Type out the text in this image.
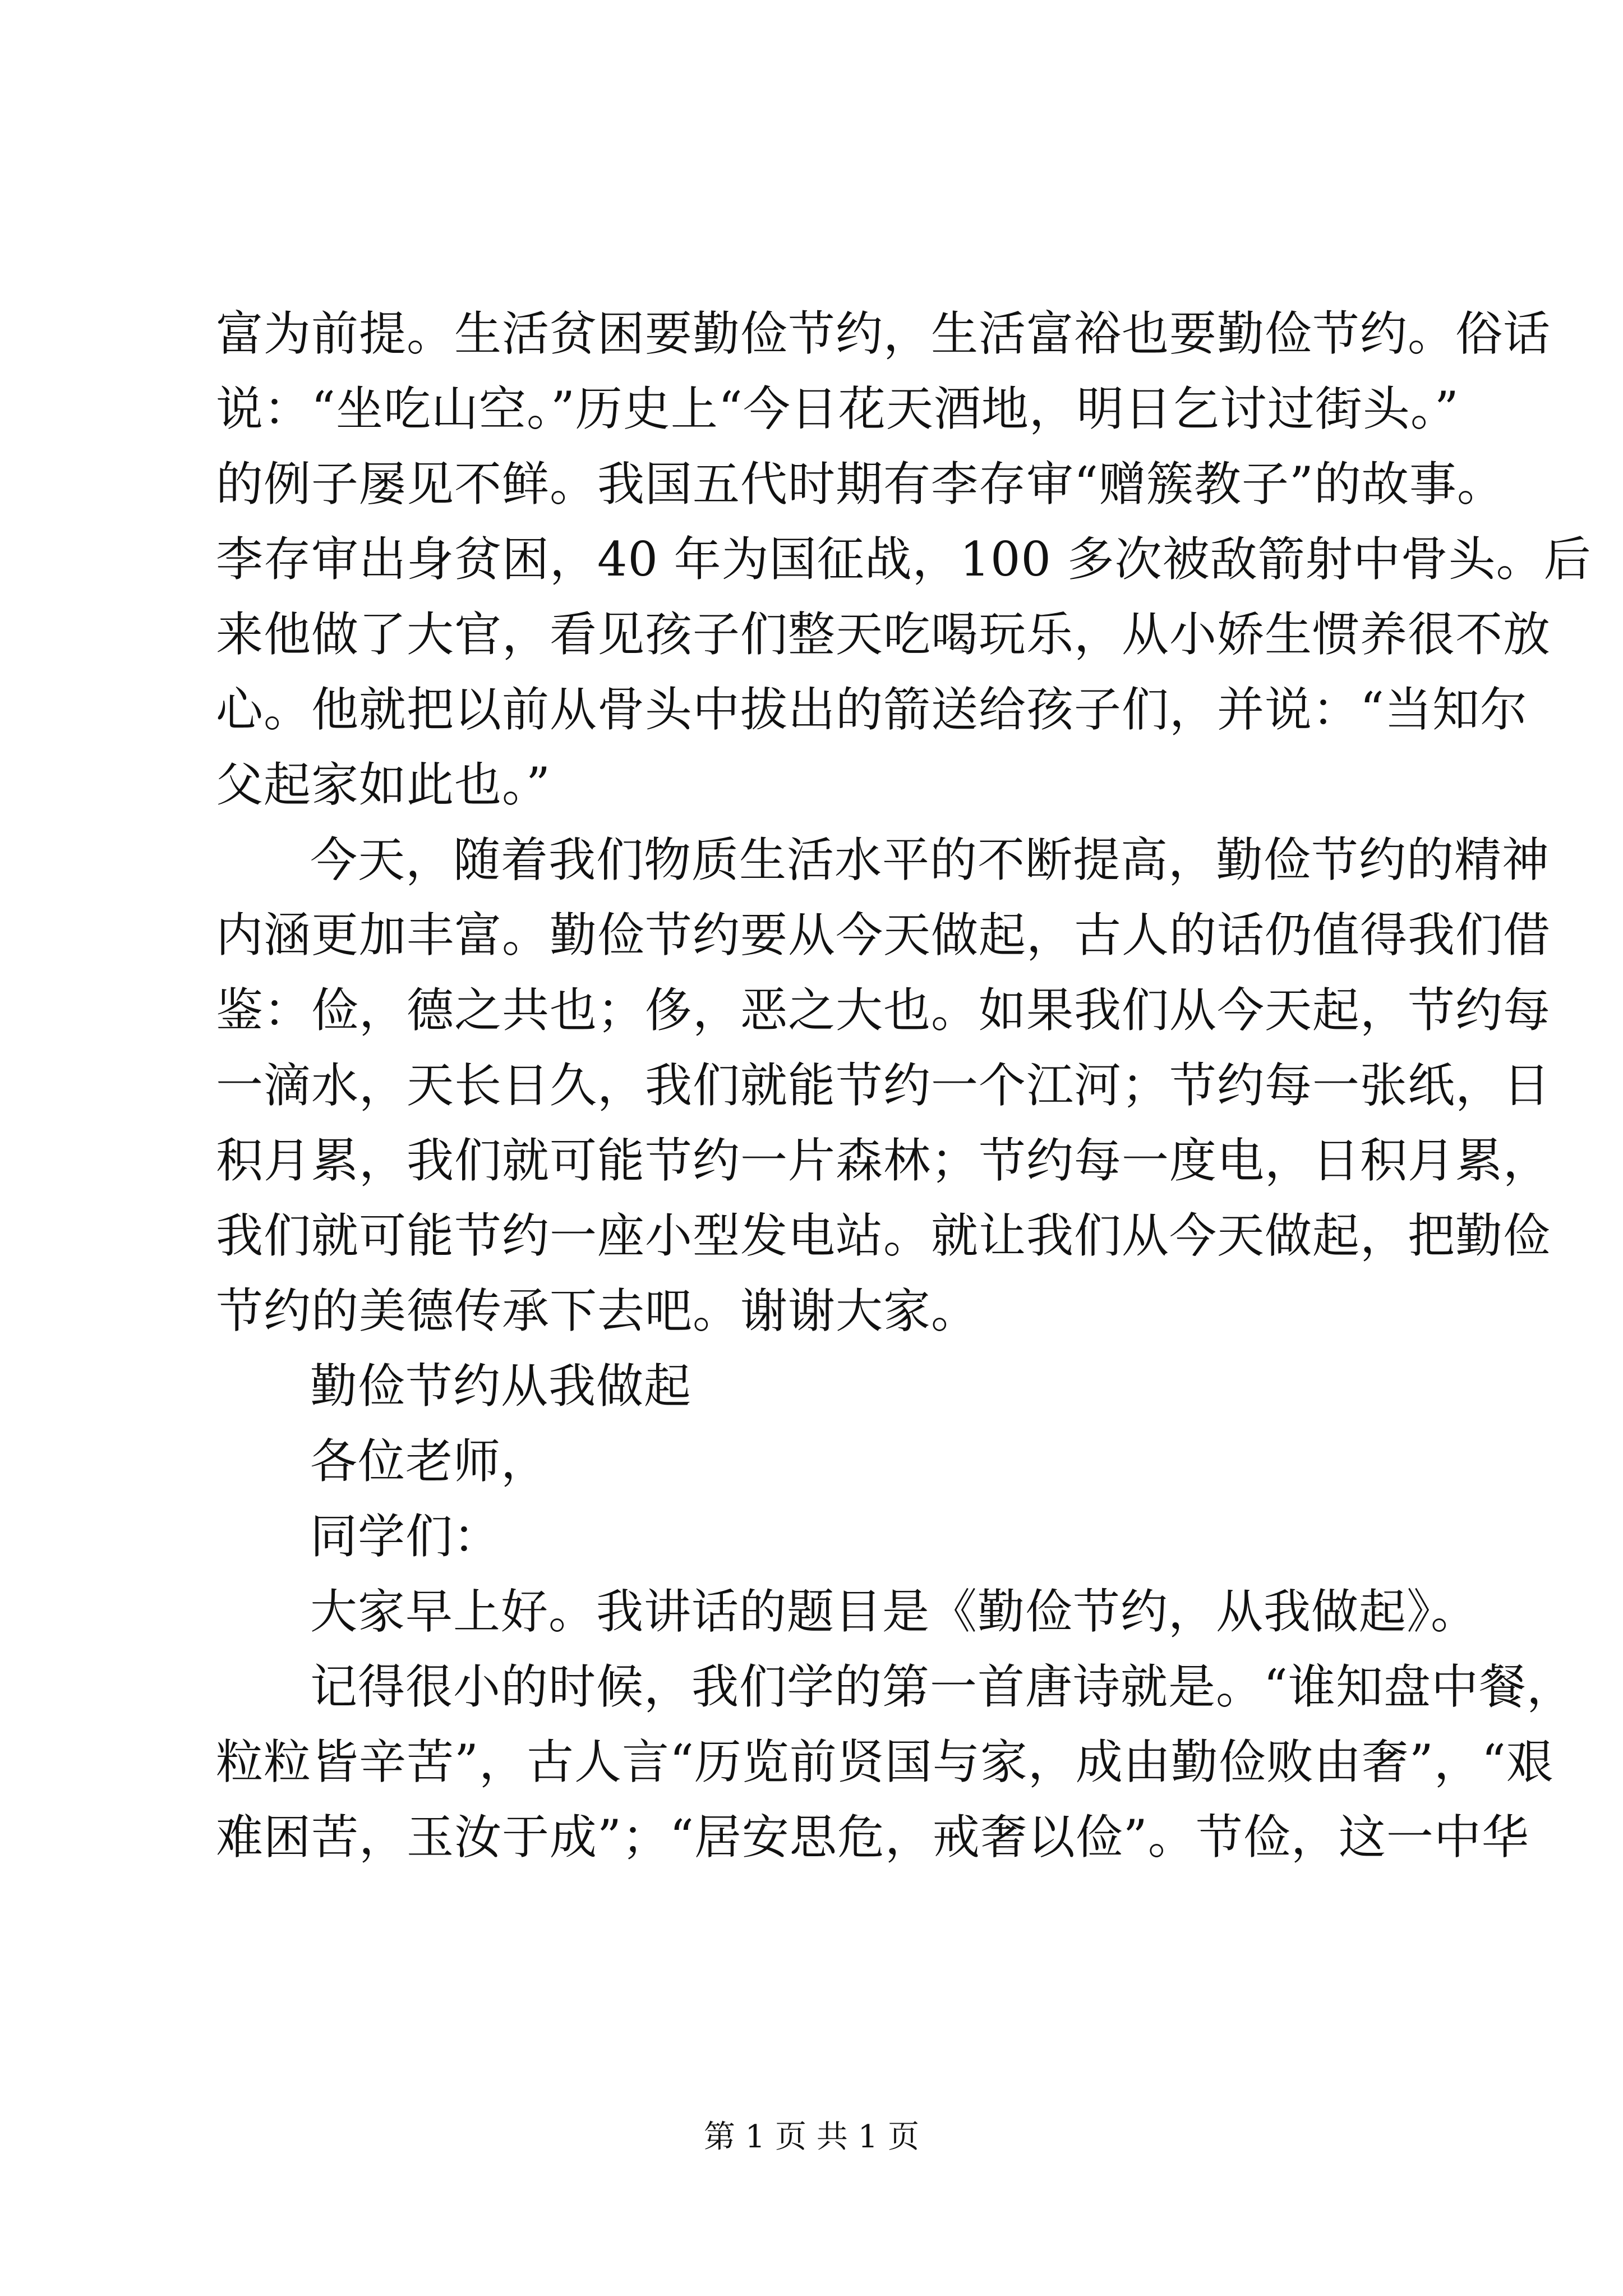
富为前提。生活贫困要勤俭节约，生活富裕也要勤俭节约。俗话
说：“坐吃山空。”历史上“今日花天酒地，明日乞讨过街头。”
的例子屡见不鲜。我国五代时期有李存审“赠簇教子”的故事。
李存审出身贫困，40 年为国征战，100 多次被敌箭射中骨头。后
来他做了大官，看见孩子们整天吃喝玩乐，从小娇生惯养很不放
心。他就把以前从骨头中拔出的箭送给孩子们，并说：“当知尔
父起家如此也。”
今天，随着我们物质生活水平的不断提高，勤俭节约的精神
内涵更加丰富。勤俭节约要从今天做起，古人的话仍值得我们借
鉴：俭，德之共也；侈，恶之大也。如果我们从今天起，节约每
一滴水，天长日久，我们就能节约一个江河；节约每一张纸，日
积月累，我们就可能节约一片森林；节约每一度电，日积月累，
我们就可能节约一座小型发电站。就让我们从今天做起，把勤俭
节约的美德传承下去吧。谢谢大家。
勤俭节约从我做起
各位老师，
同学们：
大家早上好。我讲话的题目是《勤俭节约，从我做起》。
记得很小的时候，我们学的第一首唐诗就是。“谁知盘中餐，
粒粒皆辛苦”，古人言“历览前贤国与家，成由勤俭败由奢”，“艰
难困苦，玉汝于成”；“居安思危，戒奢以俭”。节俭，这一中华
第 1 页 共 1 页
